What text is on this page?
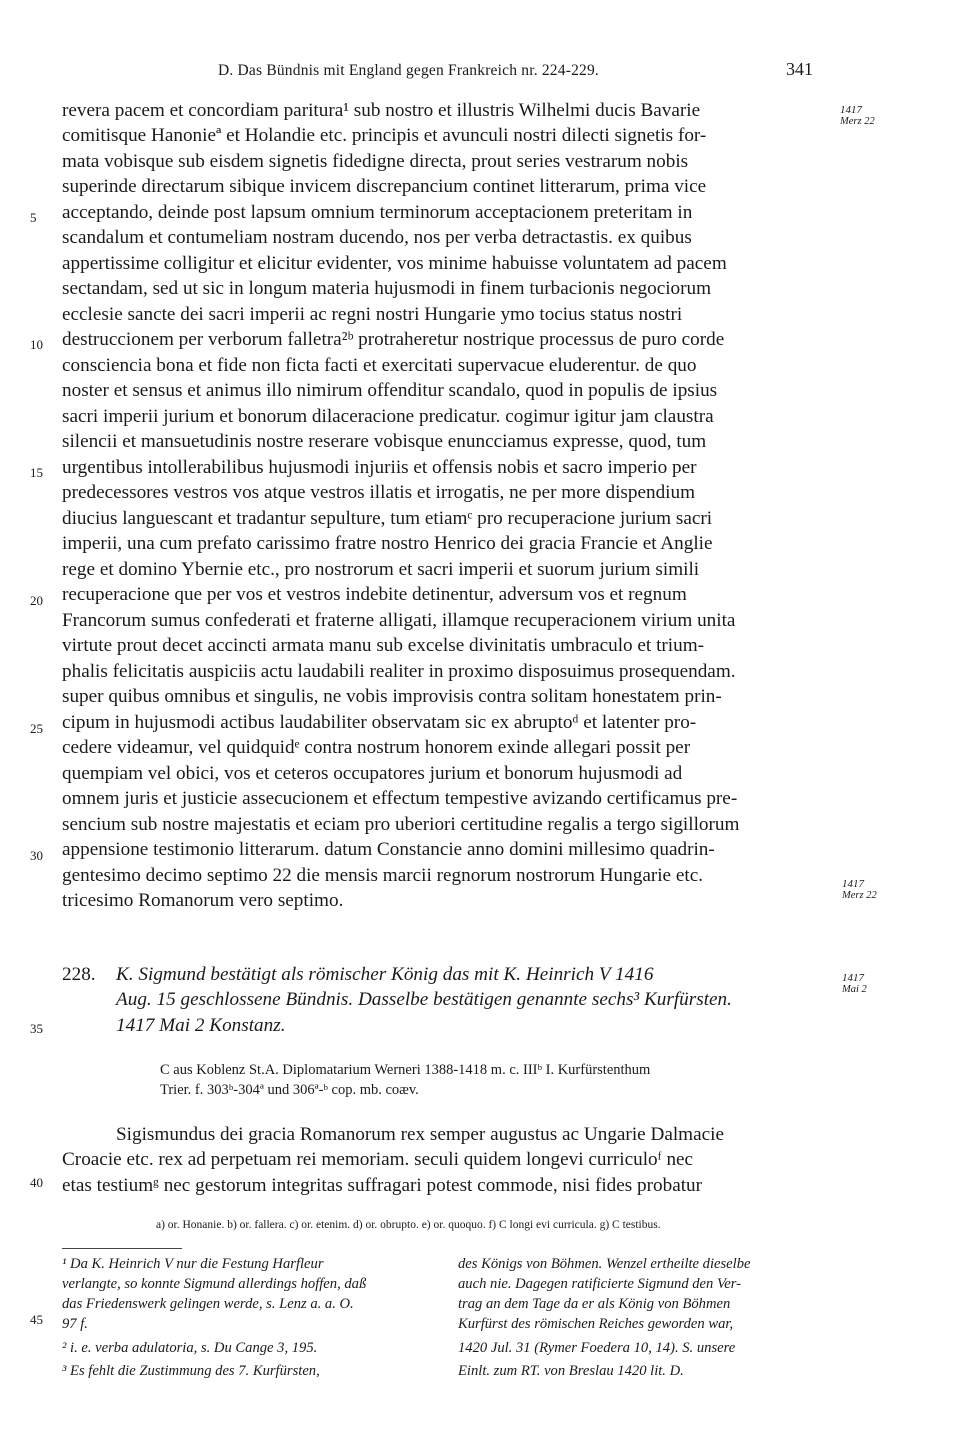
D. Das Bündnis mit England gegen Frankreich nr. 224-229.	341
1417
Merz 22
1417
Merz 22
1417
Mai 2
5
10
15
20
25
30
35
40
45
revera pacem et concordiam paritura¹ sub nostro et illustris Wilhelmi ducis Bavarie
comitisque Hanonieª et Holandie etc. principis et avunculi nostri dilecti signetis for-
mata vobisque sub eisdem signetis fidedigne directa, prout series vestrarum nobis
superinde directarum sibique invicem discrepancium continet litterarum, prima vice
acceptando, deinde post lapsum omnium terminorum acceptacionem preteritam in
scandalum et contumeliam nostram ducendo, nos per verba detractastis. ex quibus
appertissime colligitur et elicitur evidenter, vos minime habuisse voluntatem ad pacem
sectandam, sed ut sic in longum materia hujusmodi in finem turbacionis negociorum
ecclesie sancte dei sacri imperii ac regni nostri Hungarie ymo tocius status nostri
destruccionem per verborum falletra²ᵇ protraheretur nostrique processus de puro corde
consciencia bona et fide non ficta facti et exercitati supervacue eluderentur. de quo
noster et sensus et animus illo nimirum offenditur scandalo, quod in populis de ipsius
sacri imperii jurium et bonorum dilaceracione predicatur. cogimur igitur jam claustra
silencii et mansuetudinis nostre reserare vobisque enuncciamus expresse, quod, tum
urgentibus intollerabilibus hujusmodi injuriis et offensis nobis et sacro imperio per
predecessores vestros vos atque vestros illatis et irrogatis, ne per more dispendium
diucius languescant et tradantur sepulture, tum etiamᶜ pro recuperacione jurium sacri
imperii, una cum prefato carissimo fratre nostro Henrico dei gracia Francie et Anglie
rege et domino Ybernie etc., pro nostrorum et sacri imperii et suorum jurium simili
recuperacione que per vos et vestros indebite detinentur, adversum vos et regnum
Francorum sumus confederati et fraterne alligati, illamque recuperacionem virium unita
virtute prout decet accincti armata manu sub excelse divinitatis umbraculo et trium-
phalis felicitatis auspiciis actu laudabili realiter in proximo disposuimus prosequendam.
super quibus omnibus et singulis, ne vobis improvisis contra solitam honestatem prin-
cipum in hujusmodi actibus laudabiliter observatam sic ex abruptoᵈ et latenter pro-
cedere videamur, vel quidquidᵉ contra nostrum honorem exinde allegari possit per
quempiam vel obici, vos et ceteros occupatores jurium et bonorum hujusmodi ad
omnem juris et justicie assecucionem et effectum tempestive avizando certificamus pre-
sencium sub nostre majestatis et eciam pro uberiori certitudine regalis a tergo sigillorum
appensione testimonio litterarum. datum Constancie anno domini millesimo quadrin-
gentesimo decimo septimo 22 die mensis marcii regnorum nostrorum Hungarie etc.
tricesimo Romanorum vero septimo.
228. K. Sigmund bestätigt als römischer König das mit K. Heinrich V 1416
Aug. 15 geschlossene Bündnis. Dasselbe bestätigen genannte sechs³ Kurfürsten.
1417 Mai 2 Konstanz.
C aus Koblenz St.A. Diplomatarium Werneri 1388-1418 m. c. IIIᵇ I. Kurfürstenthum
Trier. f. 303ᵇ-304ª und 306ª-ᵇ cop. mb. coæv.
Sigismundus dei gracia Romanorum rex semper augustus ac Ungarie Dalmacie
Croacie etc. rex ad perpetuam rei memoriam. seculi quidem longevi curriculoᶠ nec
etas testiumᵍ nec gestorum integritas suffragari potest commode, nisi fides probatur
a) or. Honanie. b) or. fallera. c) or. etenim. d) or. obrupto. e) or. quoquo. f) C longi evi curricula. g) C testibus.
¹ Da K. Heinrich V nur die Festung Harfleur
verlangte, so konnte Sigmund allerdings hoffen, daß
das Friedenswerk gelingen werde, s. Lenz a. a. O.
97 f.
² i. e. verba adulatoria, s. Du Cange 3, 195.
³ Es fehlt die Zustimmung des 7. Kurfürsten,
des Königs von Böhmen. Wenzel ertheilte dieselbe
auch nie. Dagegen ratificierte Sigmund den Ver-
trag an dem Tage da er als König von Böhmen
Kurfürst des römischen Reiches geworden war,
1420 Jul. 31 (Rymer Foedera 10, 14). S. unsere
Einlt. zum RT. von Breslau 1420 lit. D.
